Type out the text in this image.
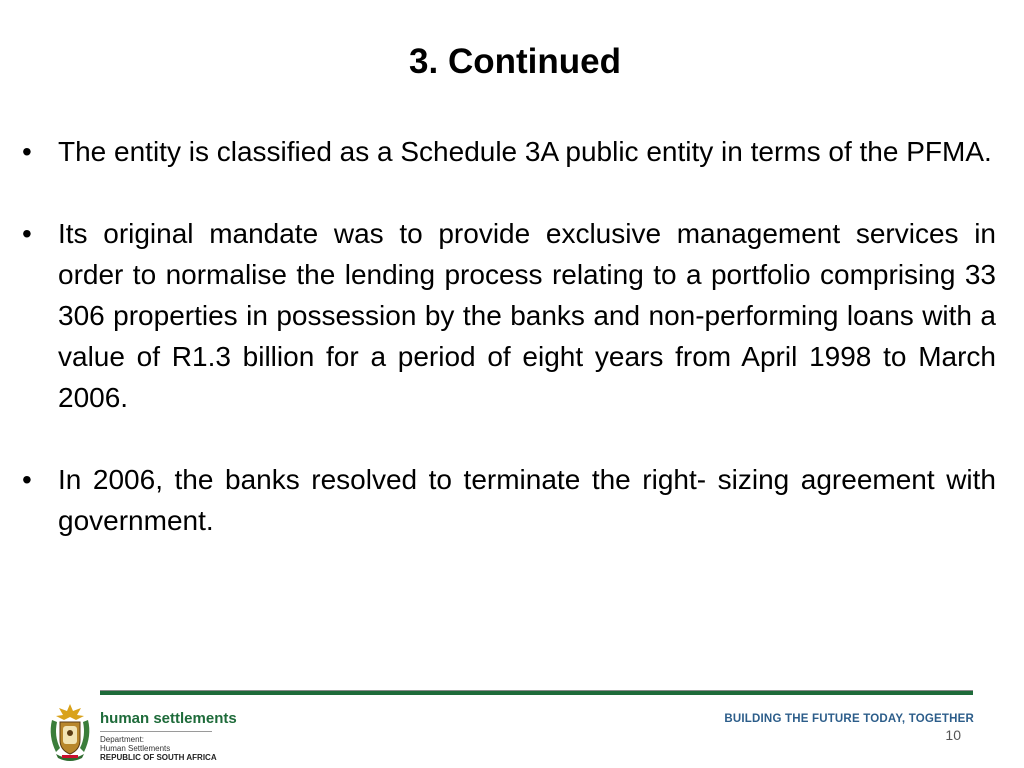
3. Continued
• The entity is classified as a Schedule 3A public entity in terms of the PFMA.
• Its original mandate was to provide exclusive management services in order to normalise the lending process relating to a portfolio comprising 33 306 properties in possession by the banks and non-performing loans with a value of R1.3 billion for a period of eight years from April 1998 to March 2006.
• In 2006, the banks resolved to terminate the right- sizing agreement with government.
human settlements
Department:
Human Settlements
REPUBLIC OF SOUTH AFRICA
BUILDING THE FUTURE TODAY, TOGETHER
10
